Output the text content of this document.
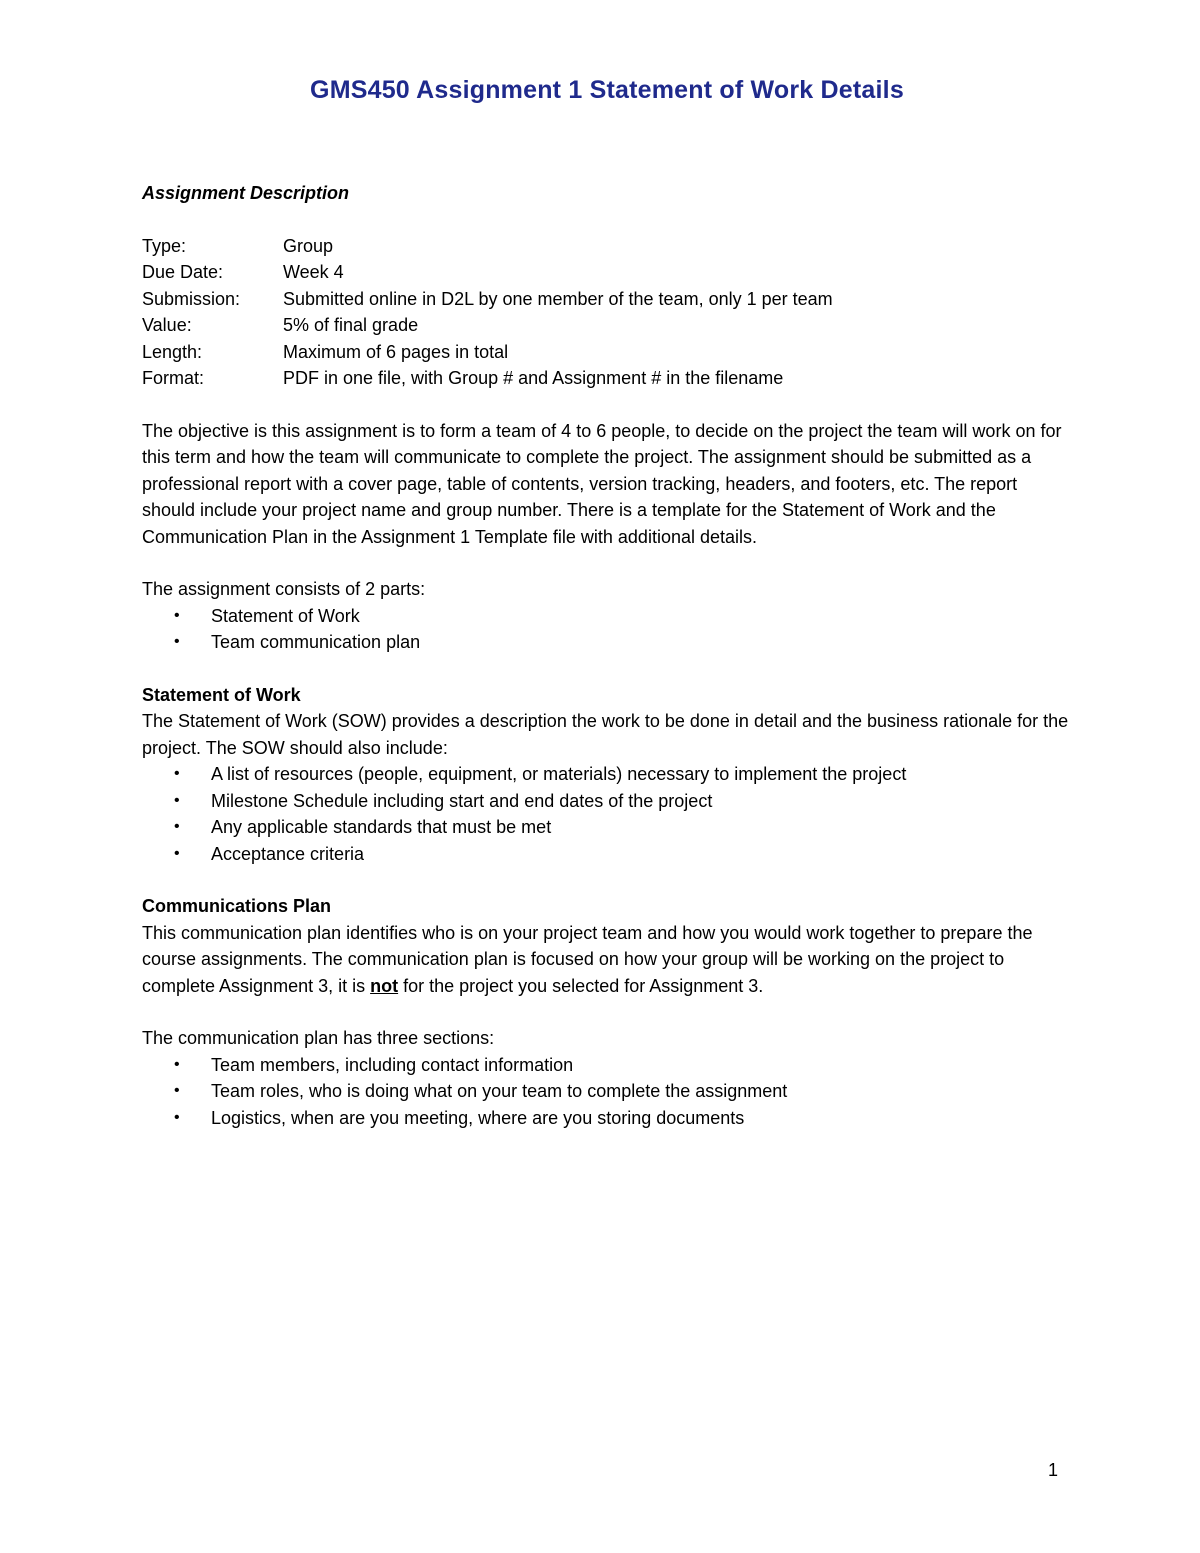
GMS450 Assignment 1 Statement of Work Details
Assignment Description
Type:	Group
Due Date:	Week 4
Submission:	Submitted online in D2L by one member of the team, only 1 per team
Value:	5% of final grade
Length:	Maximum of 6 pages in total
Format:	PDF in one file, with Group # and Assignment # in the filename

The objective is this assignment is to form a team of 4 to 6 people, to decide on the project the team will work on for this term and how the team will communicate to complete the project. The assignment should be submitted as a professional report with a cover page, table of contents, version tracking, headers, and footers, etc. The report should include your project name and group number. There is a template for the Statement of Work and the Communication Plan in the Assignment 1 Template file with additional details.

The assignment consists of 2 parts:
• Statement of Work
• Team communication plan
Statement of Work
The Statement of Work (SOW) provides a description the work to be done in detail and the business rationale for the project. The SOW should also include:
• A list of resources (people, equipment, or materials) necessary to implement the project
• Milestone Schedule including start and end dates of the project
• Any applicable standards that must be met
• Acceptance criteria
Communications Plan

This communication plan identifies who is on your project team and how you would work together to prepare the course assignments. The communication plan is focused on how your group will be working on the project to complete Assignment 3, it is not for the project you selected for Assignment 3.

The communication plan has three sections:
• Team members, including contact information
• Team roles, who is doing what on your team to complete the assignment
• Logistics, when are you meeting, where are you storing documents
1
